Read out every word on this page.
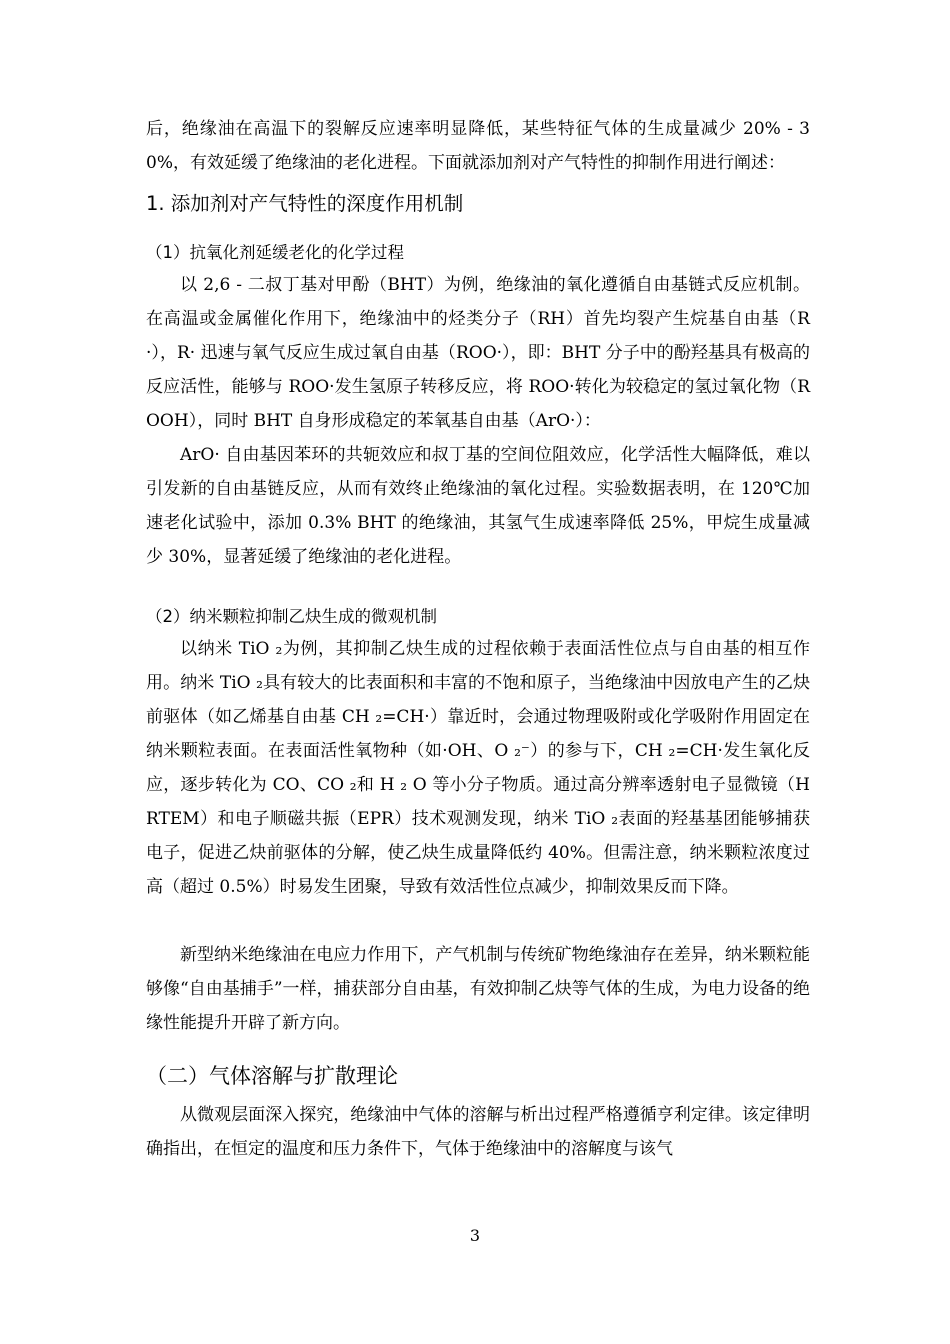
后，绝缘油在高温下的裂解反应速率明显降低，某些特征气体的生成量减少 20% - 30%，有效延缓了绝缘油的老化进程。下面就添加剂对产气特性的抑制作用进行阐述：

1. 添加剂对产气特性的深度作用机制
（1）抗氧化剂延缓老化的化学过程

以 2,6 - 二叔丁基对甲酚（BHT）为例，绝缘油的氧化遵循自由基链式反应机制。在高温或金属催化作用下，绝缘油中的烃类分子（RH）首先均裂产生烷基自由基（R·），R· 迅速与氧气反应生成过氧自由基（ROO·），即：BHT 分子中的酚羟基具有极高的反应活性，能够与 ROO·发生氢原子转移反应，将 ROO·转化为较稳定的氢过氧化物（ROOH），同时 BHT 自身形成稳定的苯氧基自由基（ArO·）：

ArO· 自由基因苯环的共轭效应和叔丁基的空间位阻效应，化学活性大幅降低，难以引发新的自由基链反应，从而有效终止绝缘油的氧化过程。实验数据表明，在 120℃加速老化试验中，添加 0.3% BHT 的绝缘油，其氢气生成速率降低 25%，甲烷生成量减少 30%，显著延缓了绝缘油的老化进程。

（2）纳米颗粒抑制乙炔生成的微观机制

以纳米 TiO ₂为例，其抑制乙炔生成的过程依赖于表面活性位点与自由基的相互作用。纳米 TiO ₂具有较大的比表面积和丰富的不饱和原子，当绝缘油中因放电产生的乙炔前驱体（如乙烯基自由基 CH ₂=CH·）靠近时，会通过物理吸附或化学吸附作用固定在纳米颗粒表面。在表面活性氧物种（如·OH、O ₂⁻）的参与下，CH ₂=CH·发生氧化反应，逐步转化为 CO、CO ₂和 H ₂ O 等小分子物质。通过高分辨率透射电子显微镜（HRTEM）和电子顺磁共振（EPR）技术观测发现，纳米 TiO ₂表面的羟基基团能够捕获电子，促进乙炔前驱体的分解，使乙炔生成量降低约 40%。但需注意，纳米颗粒浓度过高（超过 0.5%）时易发生团聚，导致有效活性位点减少，抑制效果反而下降。

新型纳米绝缘油在电应力作用下，产气机制与传统矿物绝缘油存在差异，纳米颗粒能够像“自由基捕手”一样，捕获部分自由基，有效抑制乙炔等气体的生成，为电力设备的绝缘性能提升开辟了新方向。

（二）气体溶解与扩散理论

从微观层面深入探究，绝缘油中气体的溶解与析出过程严格遵循亨利定律。该定律明确指出，在恒定的温度和压力条件下，气体于绝缘油中的溶解度与该气

3
